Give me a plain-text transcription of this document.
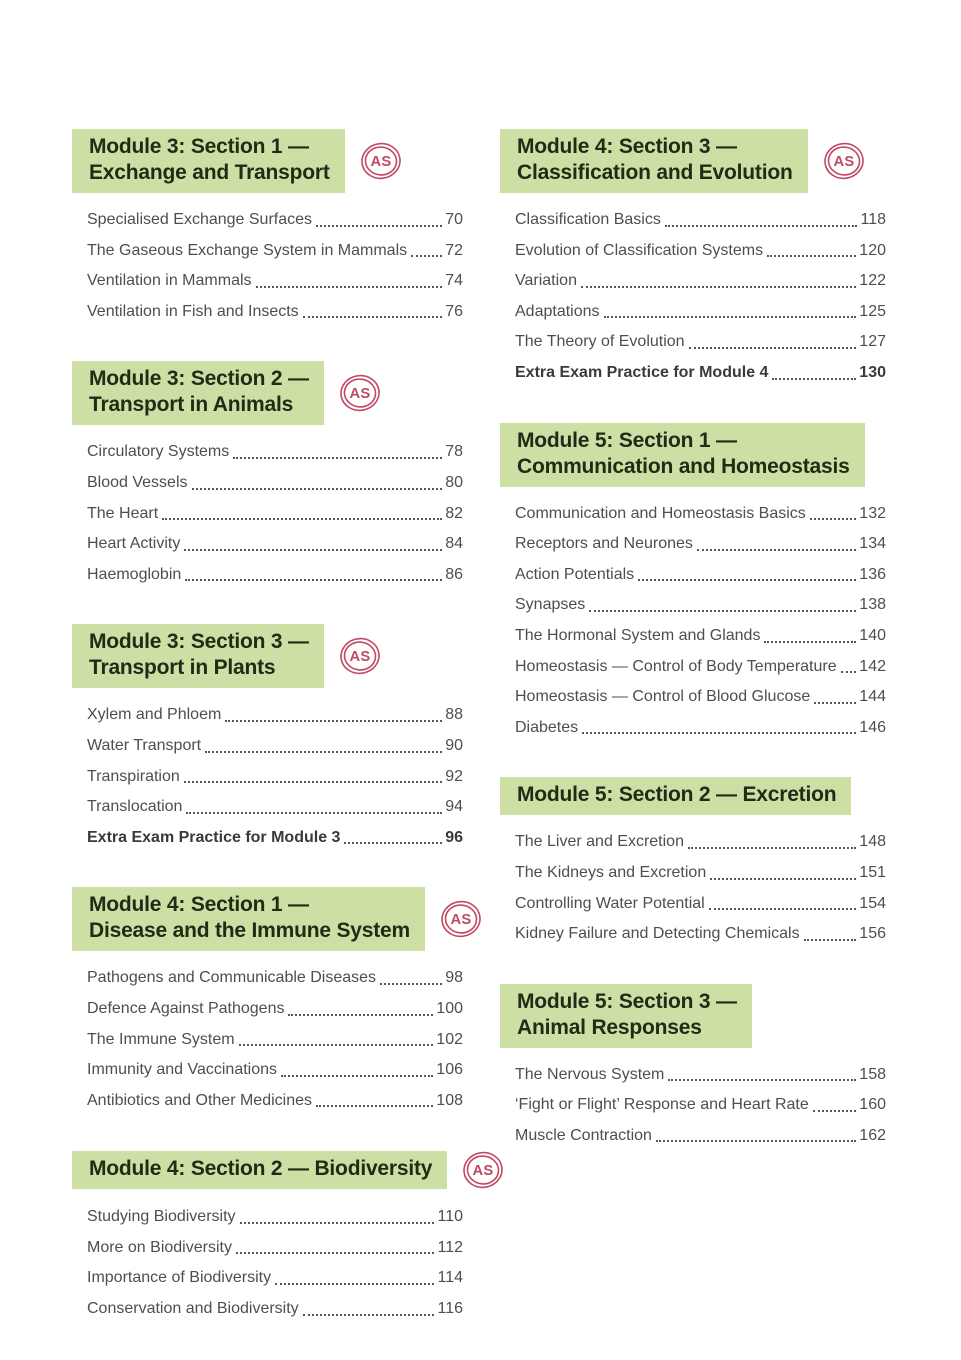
Module 3: Section 1 —
Exchange and Transport	AS
Specialised Exchange Surfaces	70
The Gaseous Exchange System in Mammals 72
Ventilation in Mammals	74
Ventilation in Fish and Insects	76
Module 3: Section 2 —
Transport in Animals	AS
Circulatory Systems	78
Blood Vessels	80
The Heart	82
Heart Activity	84
Haemoglobin	86
Module 3: Section 3 —
Transport in Plants	AS
Xylem and Phloem	88
Water Transport	90
Transpiration	92
Translocation	94
Extra Exam Practice for Module 3	96
Module 4: Section 1 —
Disease and the Immune System	AS
Pathogens and Communicable Diseases	98
Defence Against Pathogens	100
The Immune System	102
Immunity and Vaccinations	106
Antibiotics and Other Medicines	108
Module 4: Section 2 — Biodiversity	AS
Studying Biodiversity	110
More on Biodiversity	112
Importance of Biodiversity	114
Conservation and Biodiversity	116
Module 4: Section 3 —
Classification and Evolution	AS
Classification Basics	118
Evolution of Classification Systems	120
Variation	122
Adaptations	125
The Theory of Evolution	127
Extra Exam Practice for Module 4	130
Module 5: Section 1 —
Communication and Homeostasis
Communication and Homeostasis Basics	132
Receptors and Neurones	134
Action Potentials	136
Synapses	138
The Hormonal System and Glands	140
Homeostasis — Control of Body Temperature 142
Homeostasis — Control of Blood Glucose	144
Diabetes	146
Module 5: Section 2 — Excretion
The Liver and Excretion	148
The Kidneys and Excretion	151
Controlling Water Potential	154
Kidney Failure and Detecting Chemicals	156
Module 5: Section 3 —
Animal Responses
The Nervous System	158
‘Fight or Flight’ Response and Heart Rate	160
Muscle Contraction	162
